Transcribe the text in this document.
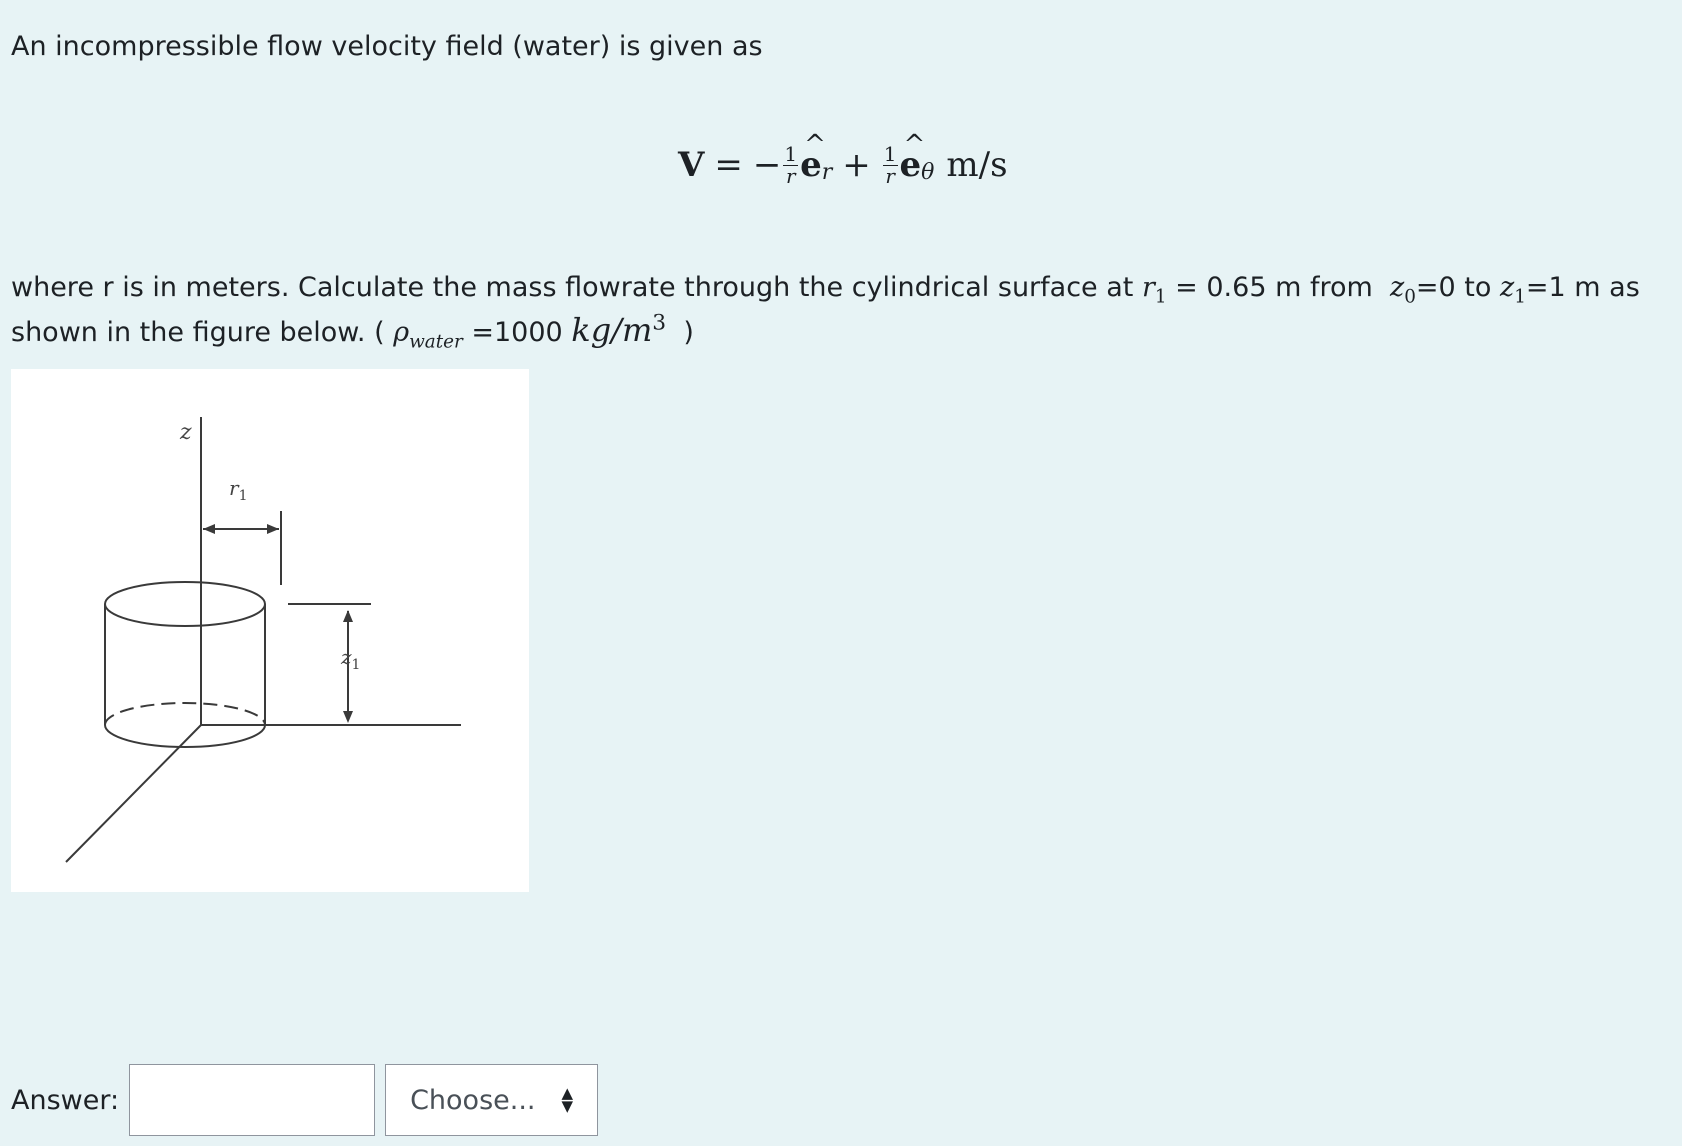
An incompressible flow velocity field (water) is given as

V = − $\frac{1}{r}$ ^ e $r + \frac{1}{r}$ ^ e θ m/s

where r is in meters. Calculate the mass flowrate through the cylindrical surface at $r_1 = 0.65$ m from $z_0=0$ to $z_1=1$ m as

shown in the figure below. ( $\rho_{water} =1000$ $kg/m^3$ )

z
$r_1$
$z_1$
Answer:	Choose... ▲
▼
